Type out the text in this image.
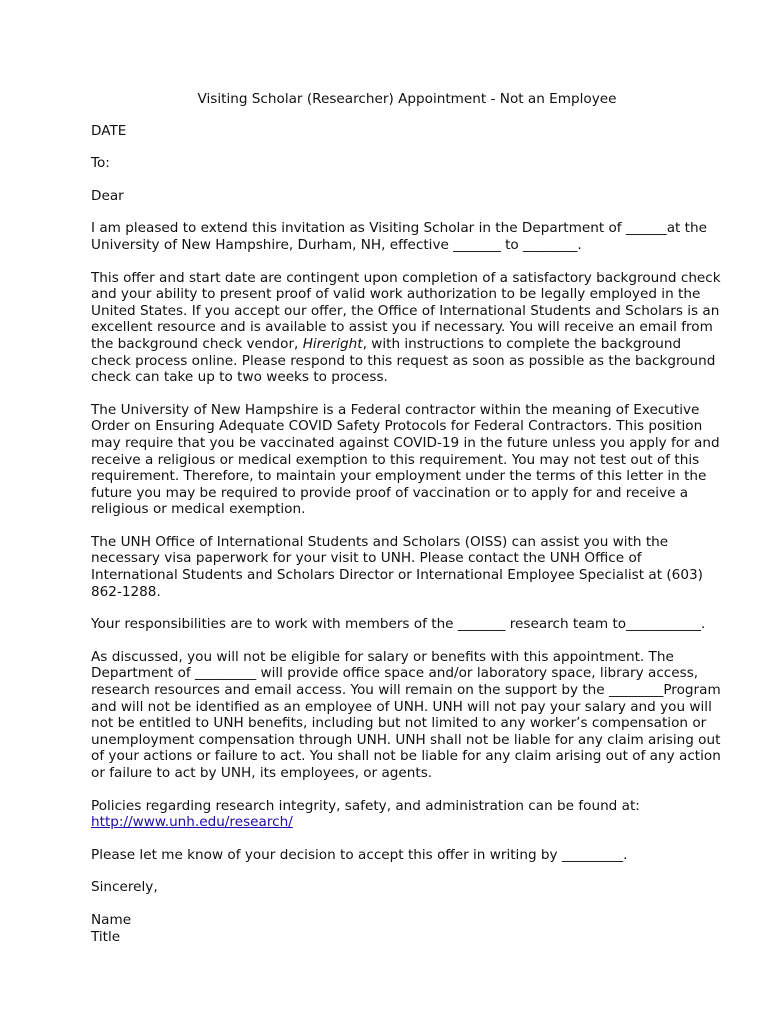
Visiting Scholar (Researcher) Appointment - Not an Employee

DATE

To:

Dear

I am pleased to extend this invitation as Visiting Scholar in the Department of ______at the University of New Hampshire, Durham, NH, effective _______ to ________.

This offer and start date are contingent upon completion of a satisfactory background check and your ability to present proof of valid work authorization to be legally employed in the United States. If you accept our offer, the Office of International Students and Scholars is an excellent resource and is available to assist you if necessary. You will receive an email from the background check vendor, Hireright, with instructions to complete the background check process online. Please respond to this request as soon as possible as the background check can take up to two weeks to process.

The University of New Hampshire is a Federal contractor within the meaning of Executive Order on Ensuring Adequate COVID Safety Protocols for Federal Contractors. This position may require that you be vaccinated against COVID-19 in the future unless you apply for and receive a religious or medical exemption to this requirement. You may not test out of this requirement. Therefore, to maintain your employment under the terms of this letter in the future you may be required to provide proof of vaccination or to apply for and receive a religious or medical exemption.

The UNH Office of International Students and Scholars (OISS) can assist you with the necessary visa paperwork for your visit to UNH. Please contact the UNH Office of International Students and Scholars Director or International Employee Specialist at (603) 862-1288.

Your responsibilities are to work with members of the _______ research team to___________.

As discussed, you will not be eligible for salary or benefits with this appointment. The Department of _________ will provide office space and/or laboratory space, library access, research resources and email access. You will remain on the support by the ________Program and will not be identified as an employee of UNH. UNH will not pay your salary and you will not be entitled to UNH benefits, including but not limited to any worker’s compensation or unemployment compensation through UNH. UNH shall not be liable for any claim arising out of your actions or failure to act. You shall not be liable for any claim arising out of any action or failure to act by UNH, its employees, or agents.

Policies regarding research integrity, safety, and administration can be found at:
http://www.unh.edu/research/

Please let me know of your decision to accept this offer in writing by _________.

Sincerely,

Name

Title
